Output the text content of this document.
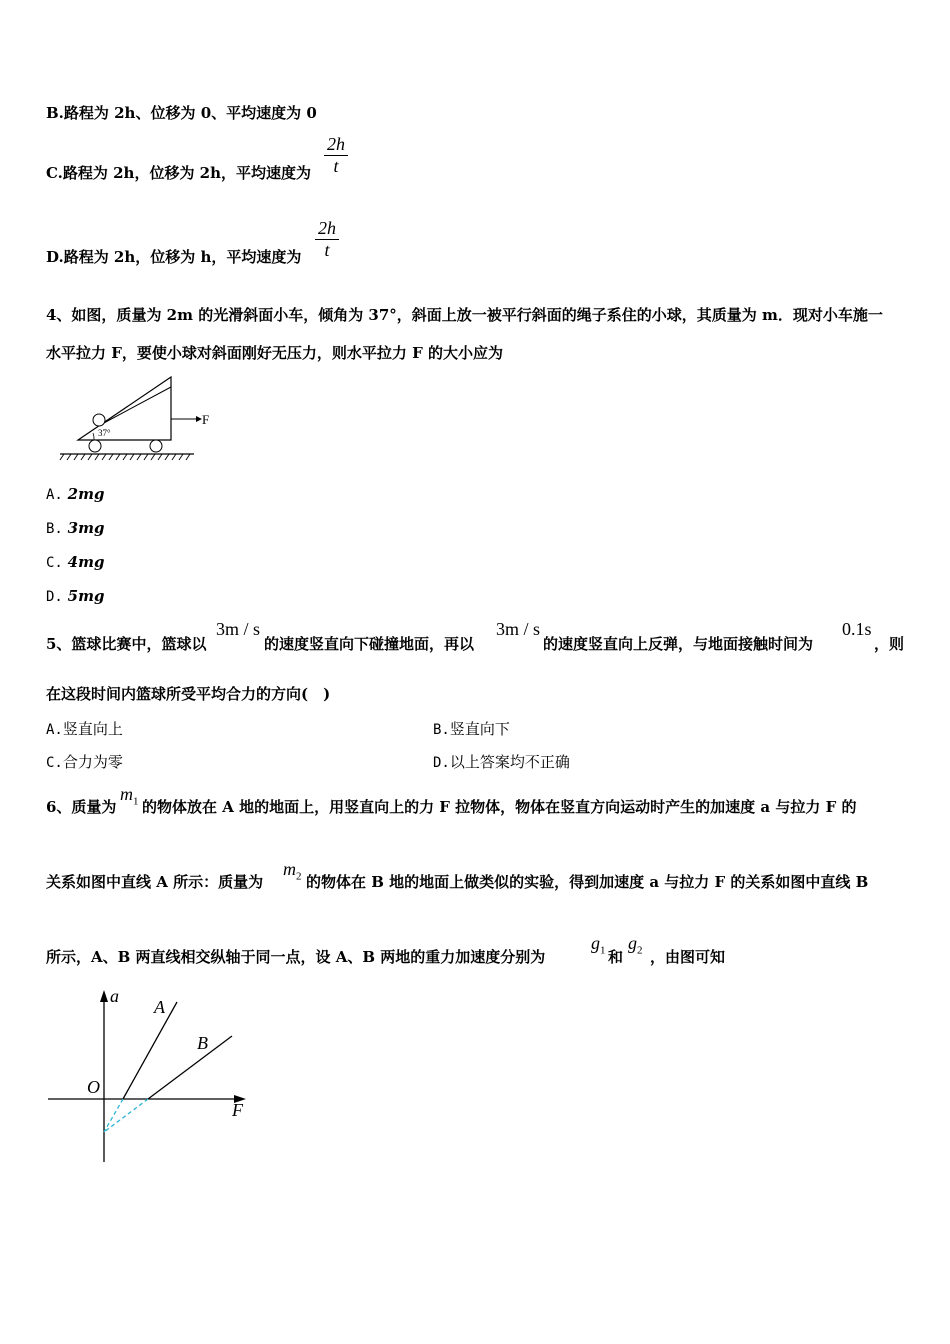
B.路程为 2h、位移为 0、平均速度为 0
C.路程为 2h，位移为 2h，平均速度为 $\frac{2h}{t}$
D.路程为 2h，位移为 h，平均速度为 $\frac{2h}{t}$
4、如图，质量为 2m 的光滑斜面小车，倾角为 37°，斜面上放一被平行斜面的绳子系住的小球，其质量为 m．现对小车施一
水平拉力 F，要使小球对斜面刚好无压力，则水平拉力 F 的大小应为
37°
F
A. 2mg
B. 3mg
C. 4mg
D. 5mg
5、篮球比赛中，篮球以
3m / s
的速度竖直向下碰撞地面，再以
3m / s
的速度竖直向上反弹，与地面接触时间为
0.1s
，则
在这段时间内篮球所受平均合力的方向(　)
A.竖直向上	B.竖直向下
C.合力为零	D.以上答案均不正确
6、质量为
$m_1$ 的物体放在 A 地的地面上，用竖直向上的力 F 拉物体，物体在竖直方向运动时产生的加速度 a 与拉力 F 的
关系如图中直线 A 所示：质量为
$m_2$ 的物体在 B 地的地面上做类似的实验，得到加速度 a 与拉力 F 的关系如图中直线 B
所示，A、B 两直线相交纵轴于同一点，设 A、B 两地的重力加速度分别为
$g_1$ 和
$g_2$ ，由图可知
a
F
O
A
B
